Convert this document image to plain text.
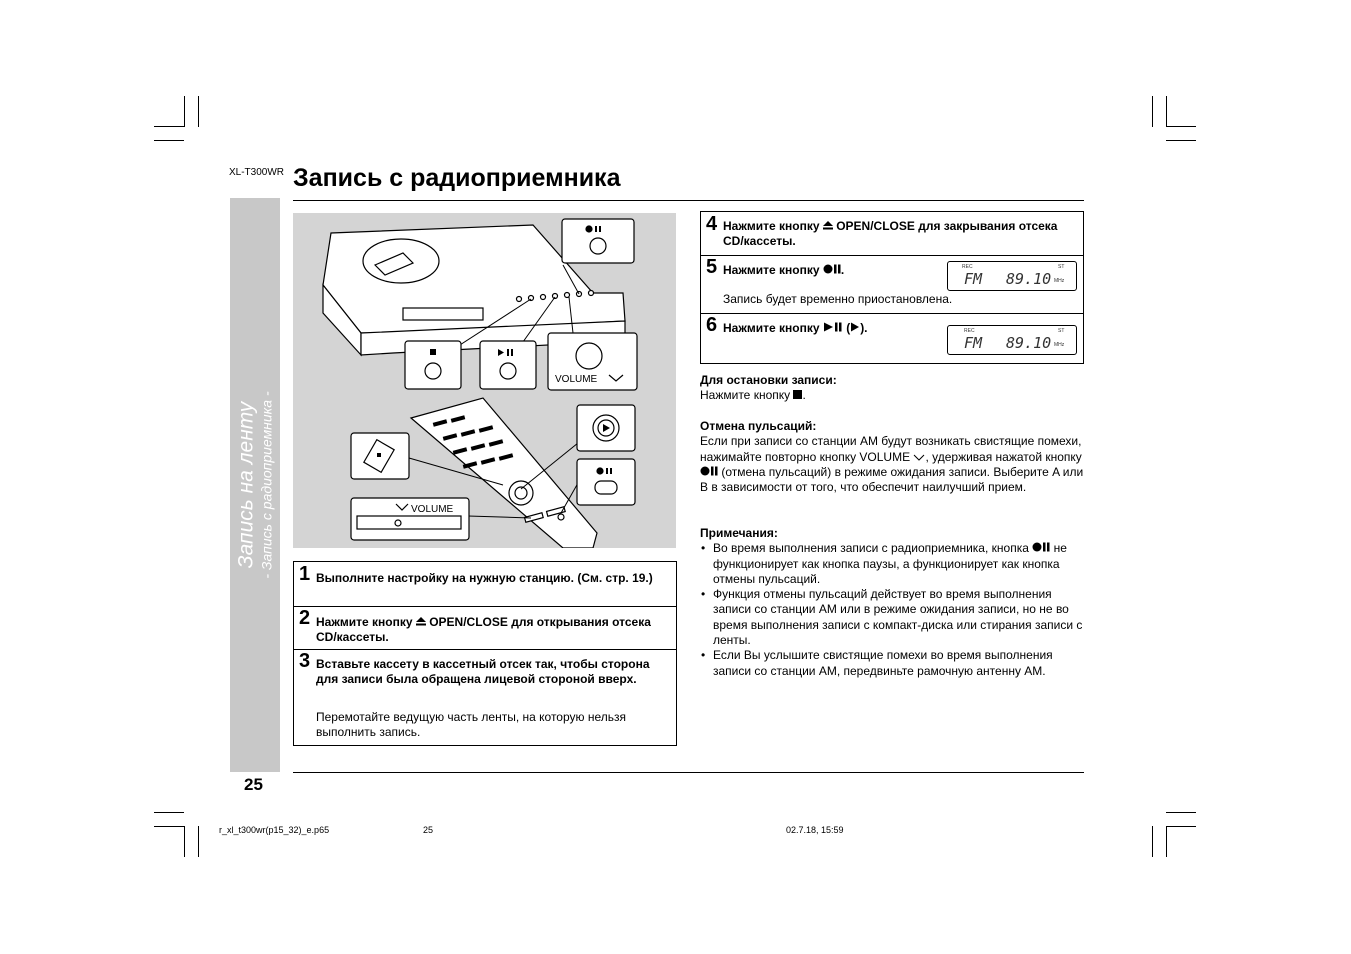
XL-T300WR Запись с радиоприемника
Запись на ленту - Запись с радиоприемника -
25
VOLUME
VOLUME
1 Выполните настройку на нужную станцию. (См. стр. 19.)
2 Нажмите кнопку OPEN/CLOSE для открывания отсека CD/кассеты.
3 Вставьте кассету в кассетный отсек так, чтобы сторона для записи была обращена лицевой стороной вверх.
Перемотайте ведущую часть ленты, на которую нельзя выполнить запись.
4 Нажмите кнопку OPEN/CLOSE для закрывания отсека CD/кассеты.
5 Нажмите кнопку .
Запись будет временно приостановлена.
REC	ST
FM 89.10 MHz
6 Нажмите кнопку ( ).	REC	ST
FM 89.10 MHz
Для остановки записи:
Нажмите кнопку .
Отмена пульсаций:
Если при записи со станции AM будут возникать свистящие помехи, нажимайте повторно кнопку VOLUME , удерживая нажатой кнопку  (отмена пульсаций) в режиме ожидания записи. Выберите A или B в зависимости от того, что обеспечит наилучший прием.
Примечания:
• Во время выполнения записи с радиоприемника, кнопка не функционирует как кнопка паузы, а функционирует как кнопка отмены пульсаций.
• Функция отмены пульсаций действует во время выполнения записи со станции AM или в режиме ожидания записи, но не во время выполнения записи с компакт-диска или стирания записи с ленты.
• Если Вы услышите свистящие помехи во время выполнения записи со станции AM, передвиньте рамочную антенну AM.
r_xl_t300wr(p15_32)_e.p65	25	02.7.18, 15:59
